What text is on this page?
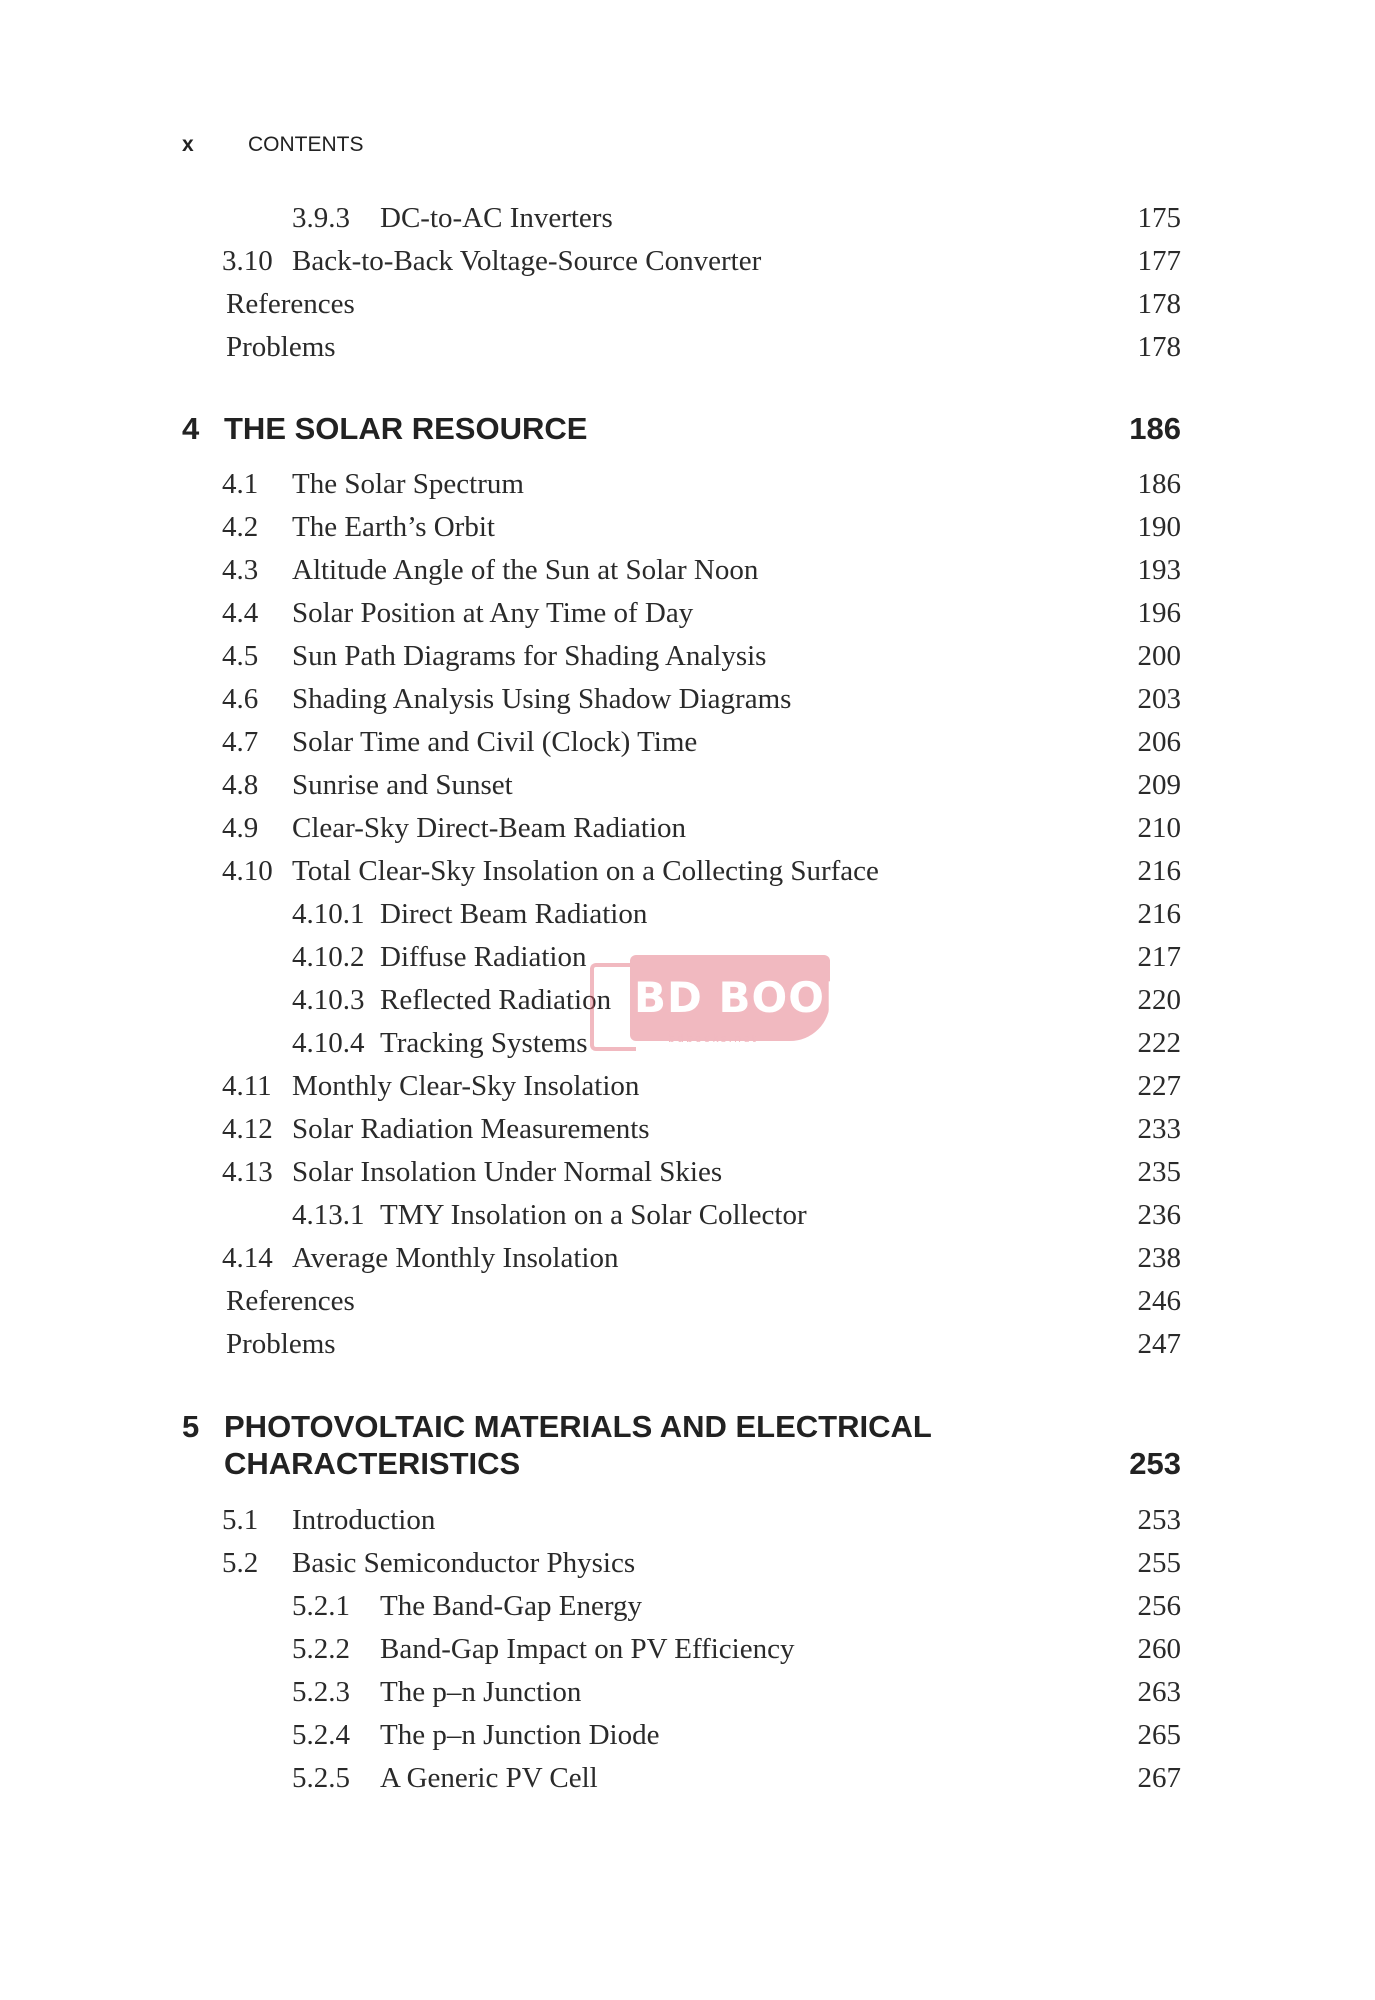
x	CONTENTS
3.9.3 DC-to-AC Inverters	175
3.10 Back-to-Back Voltage-Source Converter	177
References	178
Problems	178
4 THE SOLAR RESOURCE	186
4.1 The Solar Spectrum	186
4.2 The Earth’s Orbit	190
4.3 Altitude Angle of the Sun at Solar Noon	193
4.4 Solar Position at Any Time of Day	196
4.5 Sun Path Diagrams for Shading Analysis	200
4.6 Shading Analysis Using Shadow Diagrams	203
4.7 Solar Time and Civil (Clock) Time	206
4.8 Sunrise and Sunset	209
4.9 Clear-Sky Direct-Beam Radiation	210
4.10 Total Clear-Sky Insolation on a Collecting Surface	216
4.10.1 Direct Beam Radiation	216
4.10.2 Diffuse Radiation	217
4.10.3 Reflected Radiation	220
4.10.4 Tracking Systems	222
4.11 Monthly Clear-Sky Insolation	227
4.12 Solar Radiation Measurements	233
4.13 Solar Insolation Under Normal Skies	235
4.13.1 TMY Insolation on a Solar Collector	236
4.14 Average Monthly Insolation	238
References	246
Problems	247
5 PHOTOVOLTAIC MATERIALS AND ELECTRICAL
CHARACTERISTICS	253
5.1 Introduction	253
5.2 Basic Semiconductor Physics	255
5.2.1 The Band-Gap Energy	256
5.2.2 Band-Gap Impact on PV Efficiency	260
5.2.3 The p–n Junction	263
5.2.4 The p–n Junction Diode	265
5.2.5 A Generic PV Cell	267
BD BOOKS
bdbooks.net
